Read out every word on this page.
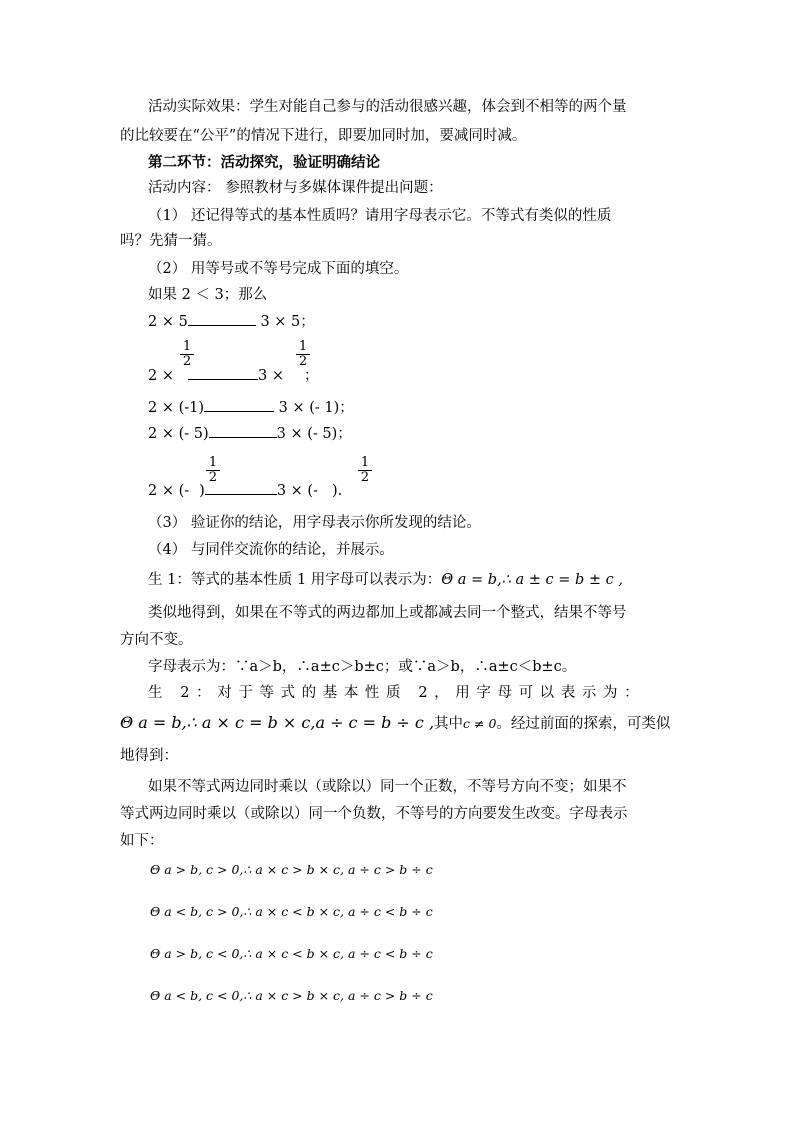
活动实际效果：学生对能自己参与的活动很感兴趣，体会到不相等的两个量
的比较要在“公平”的情况下进行，即要加同时加，要减同时减。
第二环节：活动探究，验证明确结论
活动内容： 参照教材与多媒体课件提出问题：
（1） 还记得等式的基本性质吗？请用字母表示它。不等式有类似的性质
吗？先猜一猜。
（2） 用等号或不等号完成下面的填空。
如果 2 ＜ 3；那么
2 × 5	3 × 5；
$\frac{1}{2}$	$\frac{1}{2}$
2 ×	3 × ；
2 × (-1)	3 × (- 1)；
2 × (- 5)	3 × (- 5)；
$\frac{1}{2}$	$\frac{1}{2}$
2 × (- )	3 × (- ).
（3） 验证你的结论，用字母表示你所发现的结论。
（4） 与同伴交流你的结论，并展示。
生 1：等式的基本性质 1 用字母可以表示为：Θ a = b,∴ a ± c = b ± c ,
类似地得到，如果在不等式的两边都加上或都减去同一个整式，结果不等号
方向不变。
字母表示为：∵a＞b，∴a±c＞b±c；或∵a＞b，∴a±c＜b±c。
生 2：对于等式的基本性质 2，用字母可以表示为：
Θ a = b,∴ a × c = b × c,a ÷ c = b ÷ c ,其中c ≠ 0。经过前面的探索，可类似
地得到：
如果不等式两边同时乘以（或除以）同一个正数，不等号方向不变；如果不
等式两边同时乘以（或除以）同一个负数，不等号的方向要发生改变。字母表示
如下：
Θ a > b, c > 0,∴ a × c > b × c, a ÷ c > b ÷ c
Θ a < b, c > 0,∴ a × c < b × c, a ÷ c < b ÷ c
Θ a > b, c < 0,∴ a × c < b × c, a ÷ c < b ÷ c
Θ a < b, c < 0,∴ a × c > b × c, a ÷ c > b ÷ c
